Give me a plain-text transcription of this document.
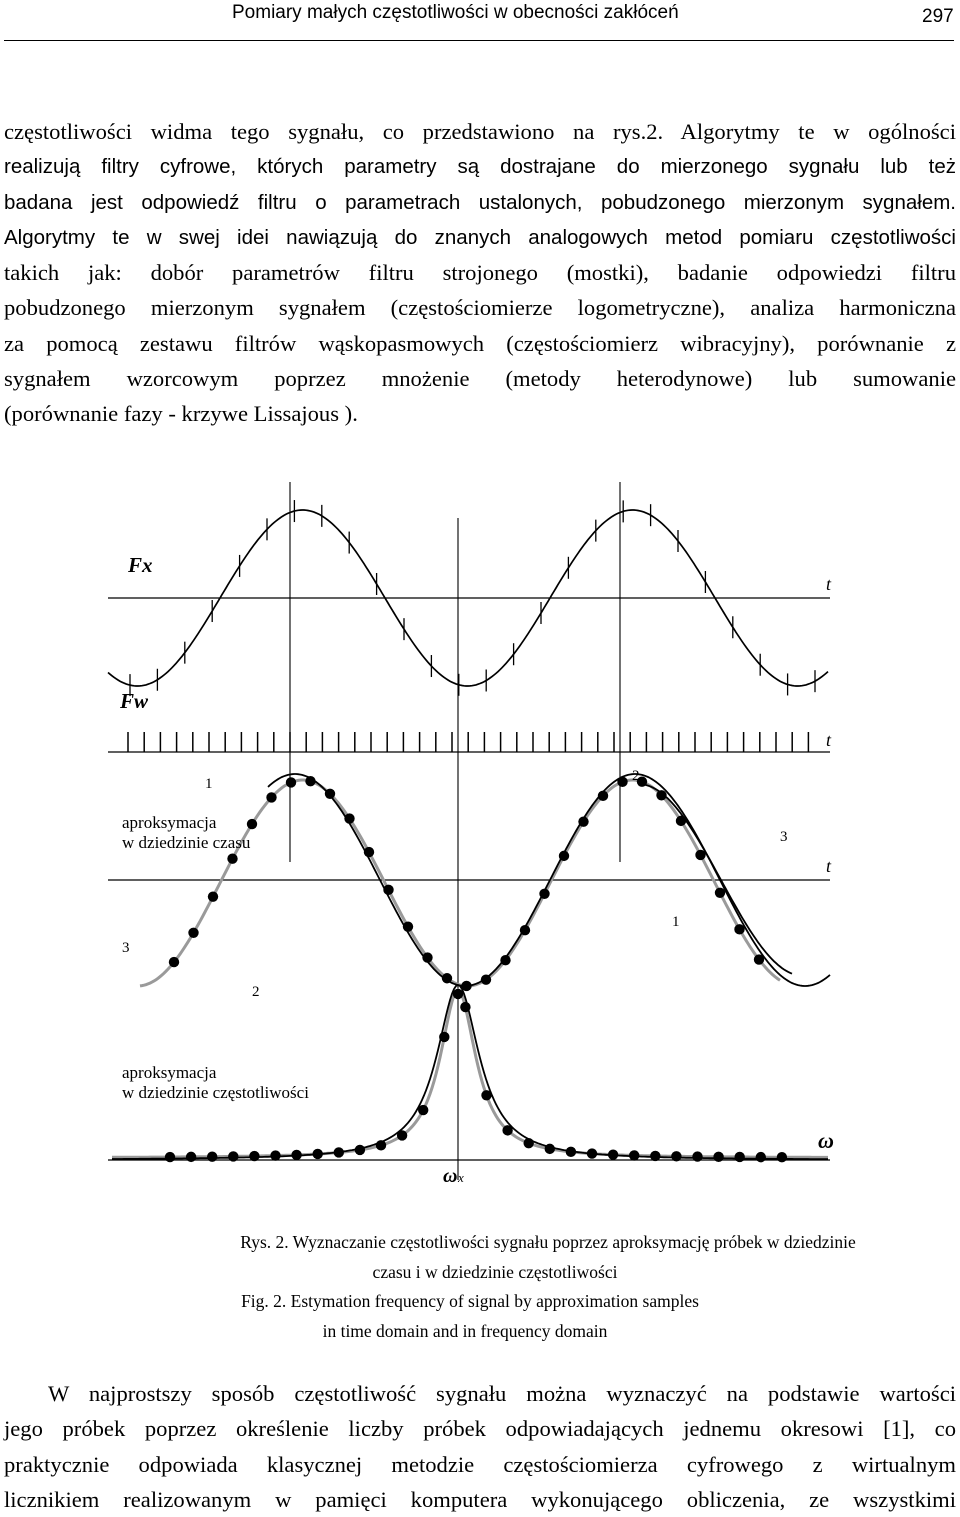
Pomiary małych częstotliwości w obecności zakłóceń	297
częstotliwości widma tego sygnału, co przedstawiono na rys.2. Algorytmy te w ogólności
realizują filtry cyfrowe, których parametry są dostrajane do mierzonego sygnału lub też
badana jest odpowiedź filtru o parametrach ustalonych, pobudzonego mierzonym sygnałem.
Algorytmy te w swej idei nawiązują do znanych analogowych metod pomiaru częstotliwości
takich jak: dobór parametrów filtru strojonego (mostki), badanie odpowiedzi filtru
pobudzonego mierzonym sygnałem (częstościomierze logometryczne), analiza harmoniczna
za pomocą zestawu filtrów wąskopasmowych (częstościomierz wibracyjny), porównanie z
sygnałem wzorcowym poprzez mnożenie (metody heterodynowe) lub sumowanie
(porównanie fazy - krzywe Lissajous ).
Fx
t
Fw
t
1	2
aproksymacja
w dziedzinie czasu	3
t
1
3
2
aproksymacja
w dziedzinie częstotliwości
ω
ω x
Rys. 2. Wyznaczanie częstotliwości sygnału poprzez aproksymację próbek w dziedzinie
czasu i w dziedzinie częstotliwości
Fig. 2. Estymation frequency of signal by approximation samples
in time domain and in frequency domain
W najprostszy sposób częstotliwość sygnału można wyznaczyć na podstawie wartości
jego próbek poprzez określenie liczby próbek odpowiadających jednemu okresowi [1], co
praktycznie odpowiada klasycznej metodzie częstościomierza cyfrowego z wirtualnym
licznikiem realizowanym w pamięci komputera wykonującego obliczenia, ze wszystkimi
